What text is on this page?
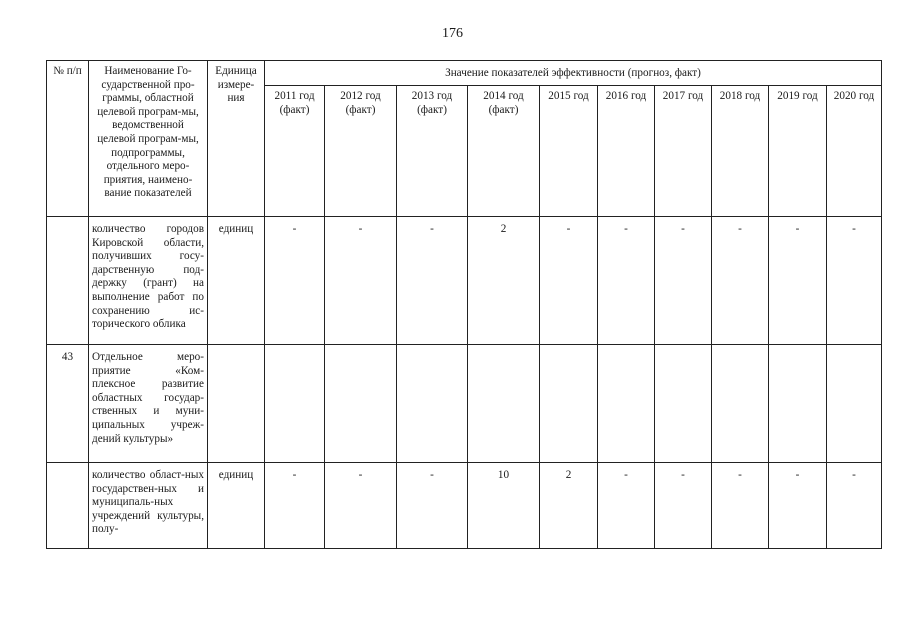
176
№ п/п	Наименование Го-сударственной про-граммы, областной целевой програм-мы, ведомственной целевой програм-мы, подпрограммы, отдельного меро-приятия, наимено-вание показателей	Единица измере-ния	Значение показателей эффективности (прогноз, факт)									
			2011 год (факт)	2012 год (факт)	2013 год (факт)	2014 год (факт)	2015 год	2016 год	2017 год	2018 год	2019 год	2020 год
	количество городов Кировской области, получивших госу-дарственную под-держку (грант) на выполнение работ по сохранению ис-торического облика	единиц	-	-	-	2	-	-	-	-	-	-
43	Отдельное меро-приятие «Ком-плексное развитие областных государ-ственных и муни-ципальных учреж-дений культуры»											
	количество област-ных государствен-ных и муниципаль-ных учреждений культуры, полу-	единиц	-	-	-	10	2	-	-	-	-	-
